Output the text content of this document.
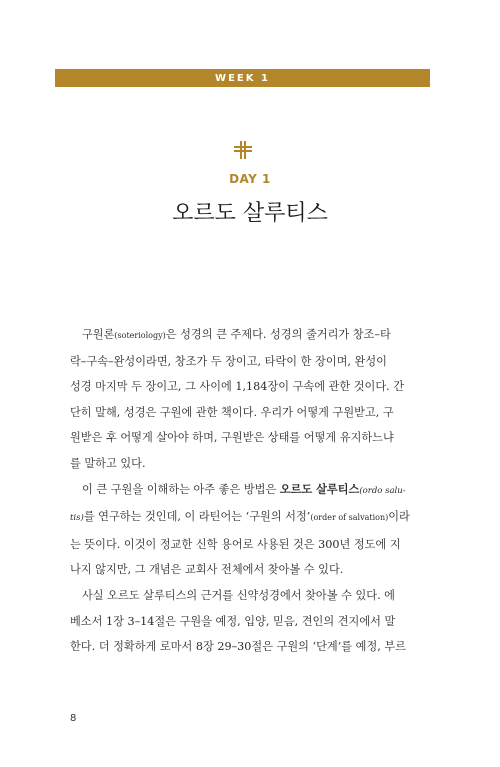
WEEK 1
DAY 1
오르도 살루티스
구원론(soteriology)은 성경의 큰 주제다. 성경의 줄거리가 창조–타
락–구속–완성이라면, 창조가 두 장이고, 타락이 한 장이며, 완성이
성경 마지막 두 장이고, 그 사이에 1,184장이 구속에 관한 것이다. 간
단히 말해, 성경은 구원에 관한 책이다. 우리가 어떻게 구원받고, 구
원받은 후 어떻게 살아야 하며, 구원받은 상태를 어떻게 유지하느냐
를 말하고 있다.
이 큰 구원을 이해하는 아주 좋은 방법은 오르도 살루티스(ordo salu-
tis)를 연구하는 것인데, 이 라틴어는 ‘구원의 서정’(order of salvation)이라
는 뜻이다. 이것이 정교한 신학 용어로 사용된 것은 300년 정도에 지
나지 않지만, 그 개념은 교회사 전체에서 찾아볼 수 있다.
사실 오르도 살루티스의 근거를 신약성경에서 찾아볼 수 있다. 에
베소서 1장 3–14절은 구원을 예정, 입양, 믿음, 견인의 견지에서 말
한다. 더 정확하게 로마서 8장 29–30절은 구원의 ‘단계’를 예정, 부르
8
